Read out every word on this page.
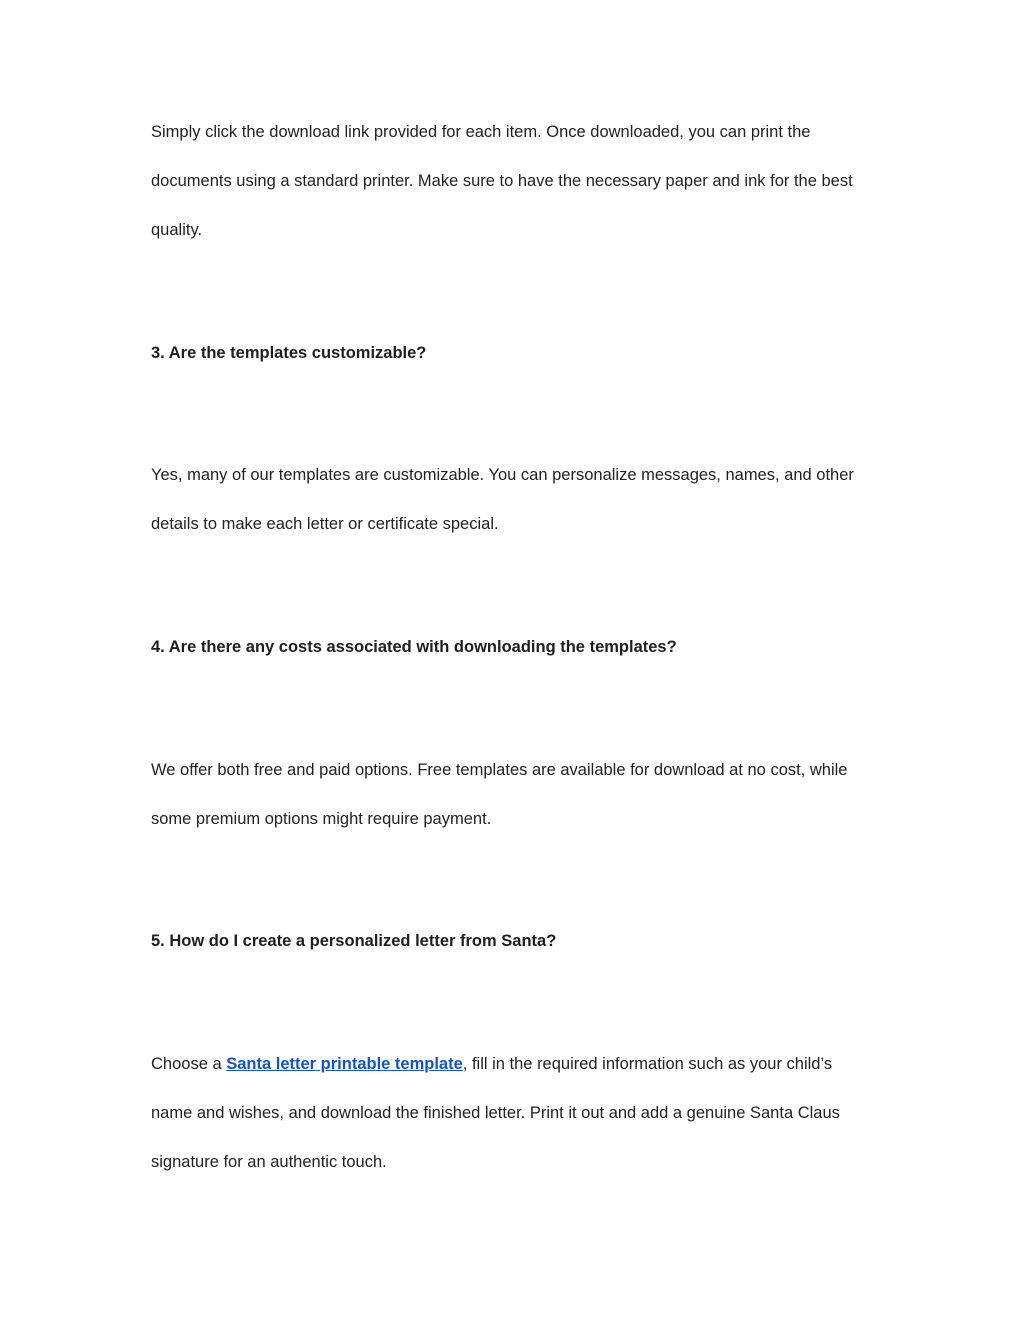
Simply click the download link provided for each item. Once downloaded, you can print the
documents using a standard printer. Make sure to have the necessary paper and ink for the best
quality.
3. Are the templates customizable?
Yes, many of our templates are customizable. You can personalize messages, names, and other
details to make each letter or certificate special.
4. Are there any costs associated with downloading the templates?
We offer both free and paid options. Free templates are available for download at no cost, while
some premium options might require payment.
5. How do I create a personalized letter from Santa?
Choose a Santa letter printable template, fill in the required information such as your child’s
name and wishes, and download the finished letter. Print it out and add a genuine Santa Claus
signature for an authentic touch.
